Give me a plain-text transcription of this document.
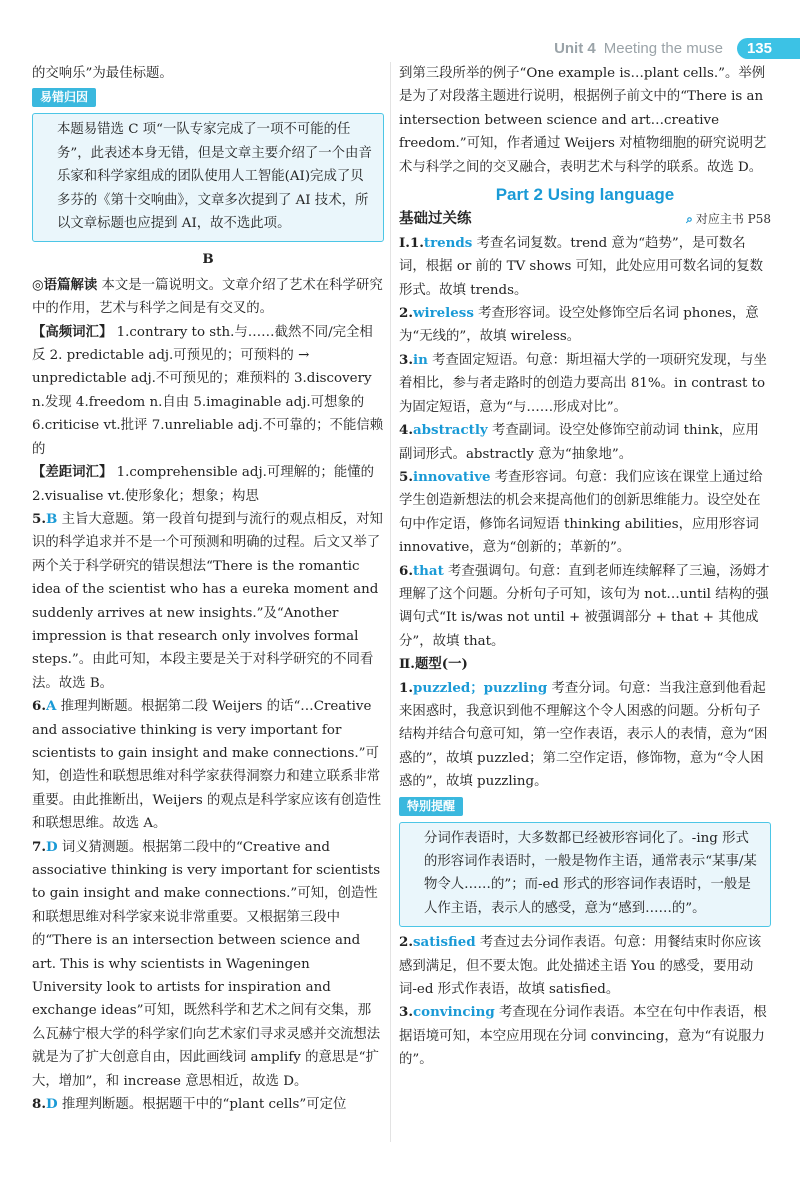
Unit 4 Meeting the muse	135

的交响乐”为最佳标题。

易错归因

本题易错选 C 项“一队专家完成了一项不可能的任务”，此表述本身无错，但是文章主要介绍了一个由音乐家和科学家组成的团队使用人工智能(AI)完成了贝多芬的《第十交响曲》，文章多次提到了 AI 技术，所以文章标题也应提到 AI，故不选此项。

B

◎语篇解读 本文是一篇说明文。文章介绍了艺术在科学研究中的作用，艺术与科学之间是有交叉的。

【高频词汇】 1.contrary to sth.与……截然不同/完全相反 2. predictable adj.可预见的；可预料的 → unpredictable adj.不可预见的；难预料的 3.discovery n.发现 4.freedom n.自由 5.imaginable adj.可想象的 6.criticise vt.批评 7.unreliable adj.不可靠的；不能信赖的

【差距词汇】 1.comprehensible adj.可理解的；能懂的 2.visualise vt.使形象化；想象；构思

5.B 主旨大意题。第一段首句提到与流行的观点相反，对知识的科学追求并不是一个可预测和明确的过程。后文又举了两个关于科学研究的错误想法“There is the romantic idea of the scientist who has a eureka moment and suddenly arrives at new insights.”及“Another impression is that research only involves formal steps.”。由此可知，本段主要是关于对科学研究的不同看法。故选 B。

6.A 推理判断题。根据第二段 Weijers 的话“…Creative and associative thinking is very important for scientists to gain insight and make connections.”可知，创造性和联想思维对科学家获得洞察力和建立联系非常重要。由此推断出，Weijers 的观点是科学家应该有创造性和联想思维。故选 A。

7.D 词义猜测题。根据第二段中的“Creative and associative thinking is very important for scientists to gain insight and make connections.”可知，创造性和联想思维对科学家来说非常重要。又根据第三段中的“There is an intersection between science and art. This is why scientists in Wageningen University look to artists for inspiration and exchange ideas”可知，既然科学和艺术之间有交集，那么瓦赫宁根大学的科学家们向艺术家们寻求灵感并交流想法就是为了扩大创意自由，因此画线词 amplify 的意思是“扩大，增加”，和 increase 意思相近，故选 D。

8.D 推理判断题。根据题干中的“plant cells”可定位

到第三段所举的例子“One example is…plant cells.”。举例是为了对段落主题进行说明，根据例子前文中的“There is an intersection between science and art…creative freedom.”可知，作者通过 Weijers 对植物细胞的研究说明艺术与科学之间的交叉融合，表明艺术与科学的联系。故选 D。

Part 2 Using language

基础过关练	⌕ 对应主书 P58

Ⅰ.1.trends 考查名词复数。trend 意为“趋势”，是可数名词，根据 or 前的 TV shows 可知，此处应用可数名词的复数形式。故填 trends。

2.wireless 考查形容词。设空处修饰空后名词 phones，意为“无线的”，故填 wireless。

3.in 考查固定短语。句意：斯坦福大学的一项研究发现，与坐着相比，参与者走路时的创造力要高出 81%。in contrast to 为固定短语，意为“与……形成对比”。

4.abstractly 考查副词。设空处修饰空前动词 think，应用副词形式。abstractly 意为“抽象地”。

5.innovative 考查形容词。句意：我们应该在课堂上通过给学生创造新想法的机会来提高他们的创新思维能力。设空处在句中作定语，修饰名词短语 thinking abilities，应用形容词 innovative，意为“创新的；革新的”。

6.that 考查强调句。句意：直到老师连续解释了三遍，汤姆才理解了这个问题。分析句子可知，该句为 not…until 结构的强调句式“It is/was not until + 被强调部分 + that + 其他成分”，故填 that。

Ⅱ.题型(一)

1.puzzled；puzzling 考查分词。句意：当我注意到他看起来困惑时，我意识到他不理解这个令人困惑的问题。分析句子结构并结合句意可知，第一空作表语，表示人的表情，意为“困惑的”，故填 puzzled；第二空作定语，修饰物，意为“令人困惑的”，故填 puzzling。

特别提醒

分词作表语时，大多数都已经被形容词化了。-ing 形式的形容词作表语时，一般是物作主语，通常表示“某事/某物令人……的”；而-ed 形式的形容词作表语时，一般是人作主语，表示人的感受，意为“感到……的”。

2.satisfied 考查过去分词作表语。句意：用餐结束时你应该感到满足，但不要太饱。此处描述主语 You 的感受，要用动词-ed 形式作表语，故填 satisfied。

3.convincing 考查现在分词作表语。本空在句中作表语，根据语境可知，本空应用现在分词 convincing，意为“有说服力的”。
